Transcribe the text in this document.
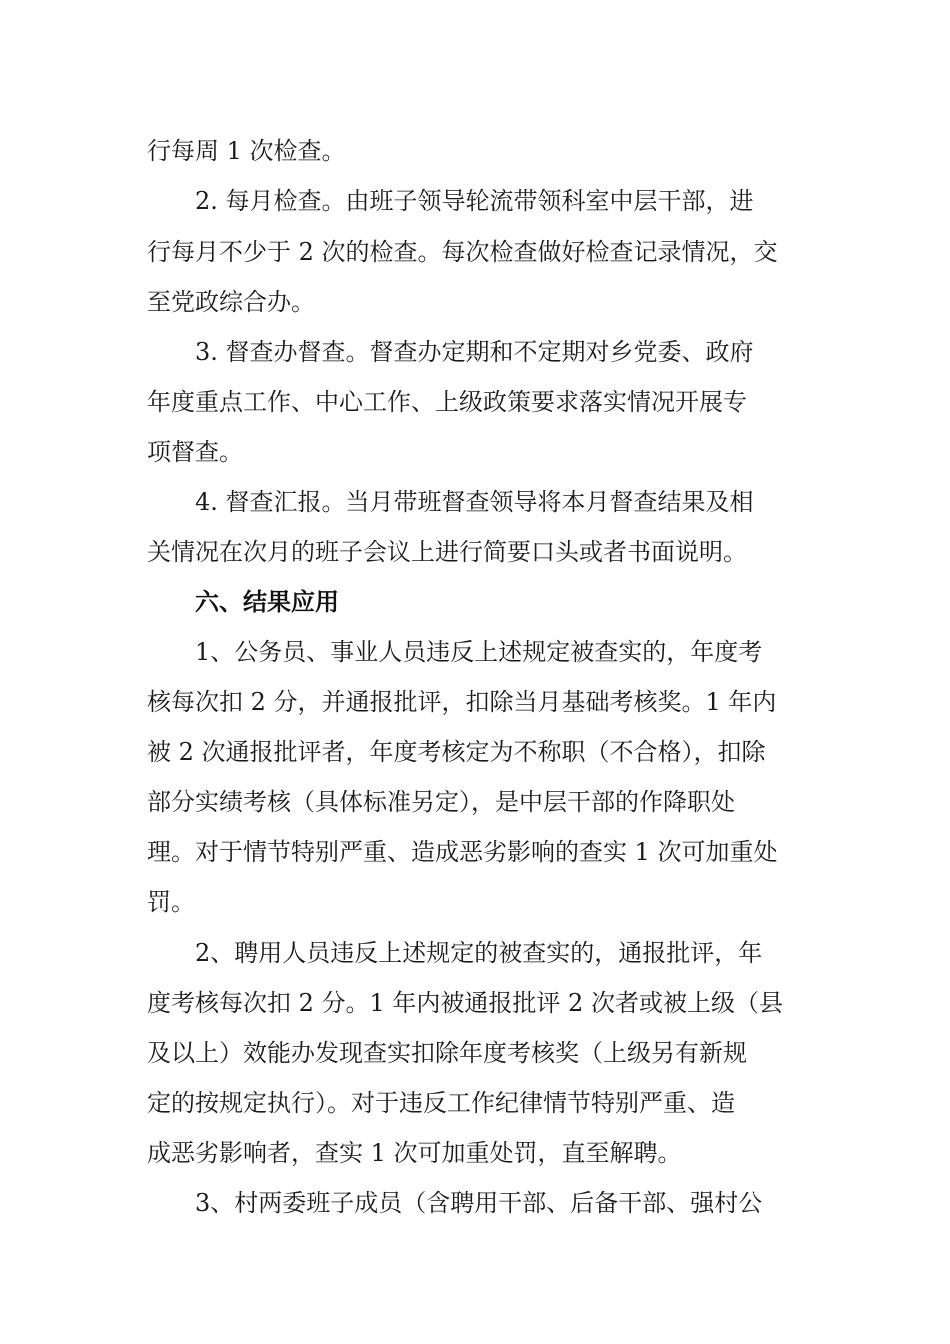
行每周 1 次检查。
2. 每月检查。由班子领导轮流带领科室中层干部，进
行每月不少于 2 次的检查。每次检查做好检查记录情况，交
至党政综合办。
3. 督查办督查。督查办定期和不定期对乡党委、政府
年度重点工作、中心工作、上级政策要求落实情况开展专
项督查。
4. 督查汇报。当月带班督查领导将本月督查结果及相
关情况在次月的班子会议上进行简要口头或者书面说明。
六、结果应用
1、公务员、事业人员违反上述规定被查实的，年度考
核每次扣 2 分，并通报批评，扣除当月基础考核奖。1 年内
被 2 次通报批评者，年度考核定为不称职（不合格），扣除
部分实绩考核（具体标准另定），是中层干部的作降职处
理。对于情节特别严重、造成恶劣影响的查实 1 次可加重处
罚。
2、聘用人员违反上述规定的被查实的，通报批评，年
度考核每次扣 2 分。1 年内被通报批评 2 次者或被上级（县
及以上）效能办发现查实扣除年度考核奖（上级另有新规
定的按规定执行）。对于违反工作纪律情节特别严重、造
成恶劣影响者，查实 1 次可加重处罚，直至解聘。
3、村两委班子成员（含聘用干部、后备干部、强村公
